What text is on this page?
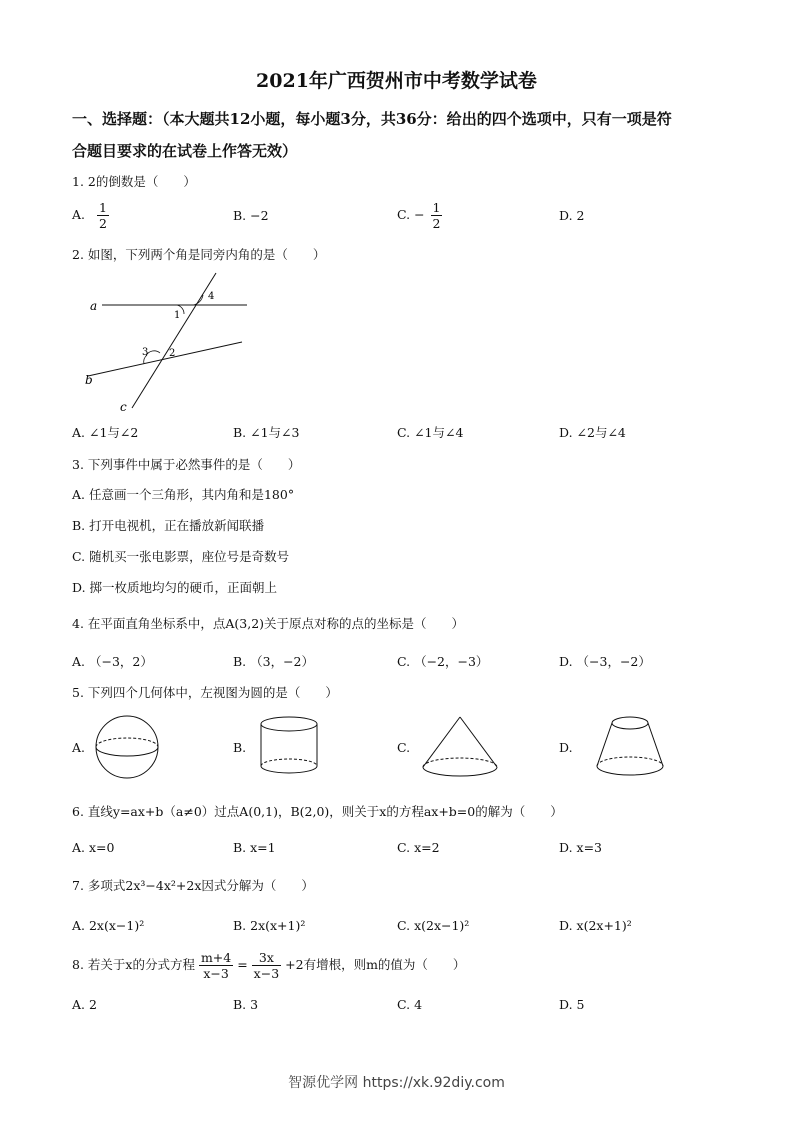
2021年广西贺州市中考数学试卷
一、选择题：（本大题共12小题，每小题3分，共36分：给出的四个选项中，只有一项是符
合题目要求的在试卷上作答无效）
1. 2的倒数是（　　）
A. $\frac{1}{2}$	B. −2	C. − $\frac{1}{2}$	D. 2
2. 如图，下列两个角是同旁内角的是（　　）
a
b
c
1
2
3
4
A. ∠1与∠2	B. ∠1与∠3	C. ∠1与∠4	D. ∠2与∠4
3. 下列事件中属于必然事件的是（　　）
A. 任意画一个三角形，其内角和是180°
B. 打开电视机，正在播放新闻联播
C. 随机买一张电影票，座位号是奇数号
D. 掷一枚质地均匀的硬币，正面朝上
4. 在平面直角坐标系中，点A(3,2)关于原点对称的点的坐标是（　　）
A. （−3，2）	B. （3，−2）	C. （−2，−3）	D. （−3，−2）
5. 下列四个几何体中，左视图为圆的是（　　）
A.	B.	C.	D.
6. 直线y=ax+b（a≠0）过点A(0,1)，B(2,0)，则关于x的方程ax+b=0的解为（　　）
A. x=0	B. x=1	C. x=2	D. x=3
7. 多项式2x³−4x²+2x因式分解为（　　）
A. 2x(x−1)²	B. 2x(x+1)²	C. x(2x−1)²	D. x(2x+1)²
8. 若关于x的分式方程 $\frac{m+4}{x-3} = \frac{3x}{x-3} +2$有增根，则m的值为（　　）
A. 2	B. 3	C. 4	D. 5
智源优学网 https://xk.92diy.com
